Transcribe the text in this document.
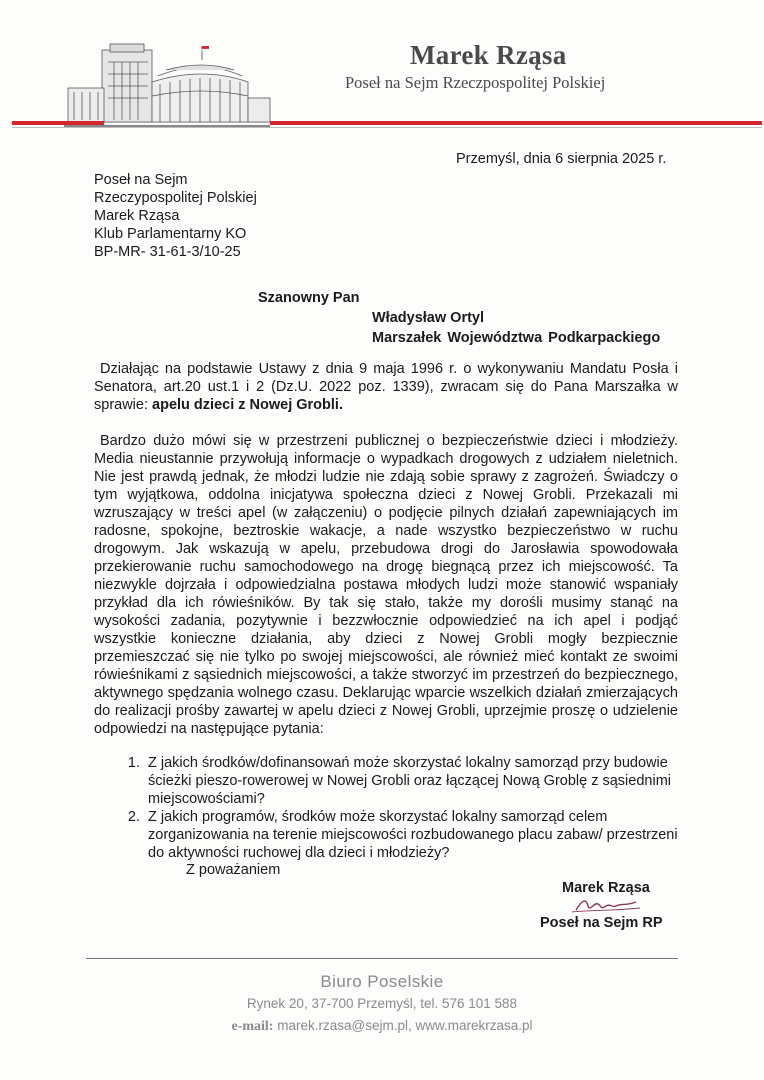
Marek Rząsa
Poseł na Sejm Rzeczpospolitej Polskiej
Przemyśl, dnia 6 sierpnia 2025 r.
Poseł na Sejm
Rzeczypospolitej Polskiej
Marek Rząsa
Klub Parlamentarny KO
BP-MR- 31-61-3/10-25
Szanowny Pan
Władysław Ortyl
Marszałek Województwa Podkarpackiego
Działając na podstawie Ustawy z dnia 9 maja 1996 r. o wykonywaniu Mandatu Posła i Senatora, art.20 ust.1 i 2 (Dz.U. 2022 poz. 1339), zwracam się do Pana Marszałka w sprawie: apelu dzieci z Nowej Grobli.
Bardzo dużo mówi się w przestrzeni publicznej o bezpieczeństwie dzieci i młodzieży. Media nieustannie przywołują informacje o wypadkach drogowych z udziałem nieletnich. Nie jest prawdą jednak, że młodzi ludzie nie zdają sobie sprawy z zagrożeń. Świadczy o tym wyjątkowa, oddolna inicjatywa społeczna dzieci z Nowej Grobli. Przekazali mi wzruszający w treści apel (w załączeniu) o podjęcie pilnych działań zapewniających im radosne, spokojne, beztroskie wakacje, a nade wszystko bezpieczeństwo w ruchu drogowym. Jak wskazują w apelu, przebudowa drogi do Jarosławia spowodowała przekierowanie ruchu samochodowego na drogę biegnącą przez ich miejscowość. Ta niezwykle dojrzała i odpowiedzialna postawa młodych ludzi może stanowić wspaniały przykład dla ich rówieśników. By tak się stało, także my dorośli musimy stanąć na wysokości zadania, pozytywnie i bezzwłocznie odpowiedzieć na ich apel i podjąć wszystkie konieczne działania, aby dzieci z Nowej Grobli mogły bezpiecznie przemieszczać się nie tylko po swojej miejscowości, ale również mieć kontakt ze swoimi rówieśnikami z sąsiednich miejscowości, a także stworzyć im przestrzeń do bezpiecznego, aktywnego spędzania wolnego czasu. Deklarując wparcie wszelkich działań zmierzających do realizacji prośby zawartej w apelu dzieci z Nowej Grobli, uprzejmie proszę o udzielenie odpowiedzi na następujące pytania:
1. Z jakich środków/dofinansowań może skorzystać lokalny samorząd przy budowie ścieżki pieszo-rowerowej w Nowej Grobli oraz łączącej Nową Groblę z sąsiednimi miejscowościami?
2. Z jakich programów, środków może skorzystać lokalny samorząd celem zorganizowania na terenie miejscowości rozbudowanego placu zabaw/ przestrzeni do aktywności ruchowej dla dzieci i młodzieży?
Z poważaniem
Marek Rząsa
Poseł na Sejm RP
Biuro Poselskie
Rynek 20, 37-700 Przemyśl, tel. 576 101 588
e-mail: marek.rzasa@sejm.pl, www.marekrzasa.pl
